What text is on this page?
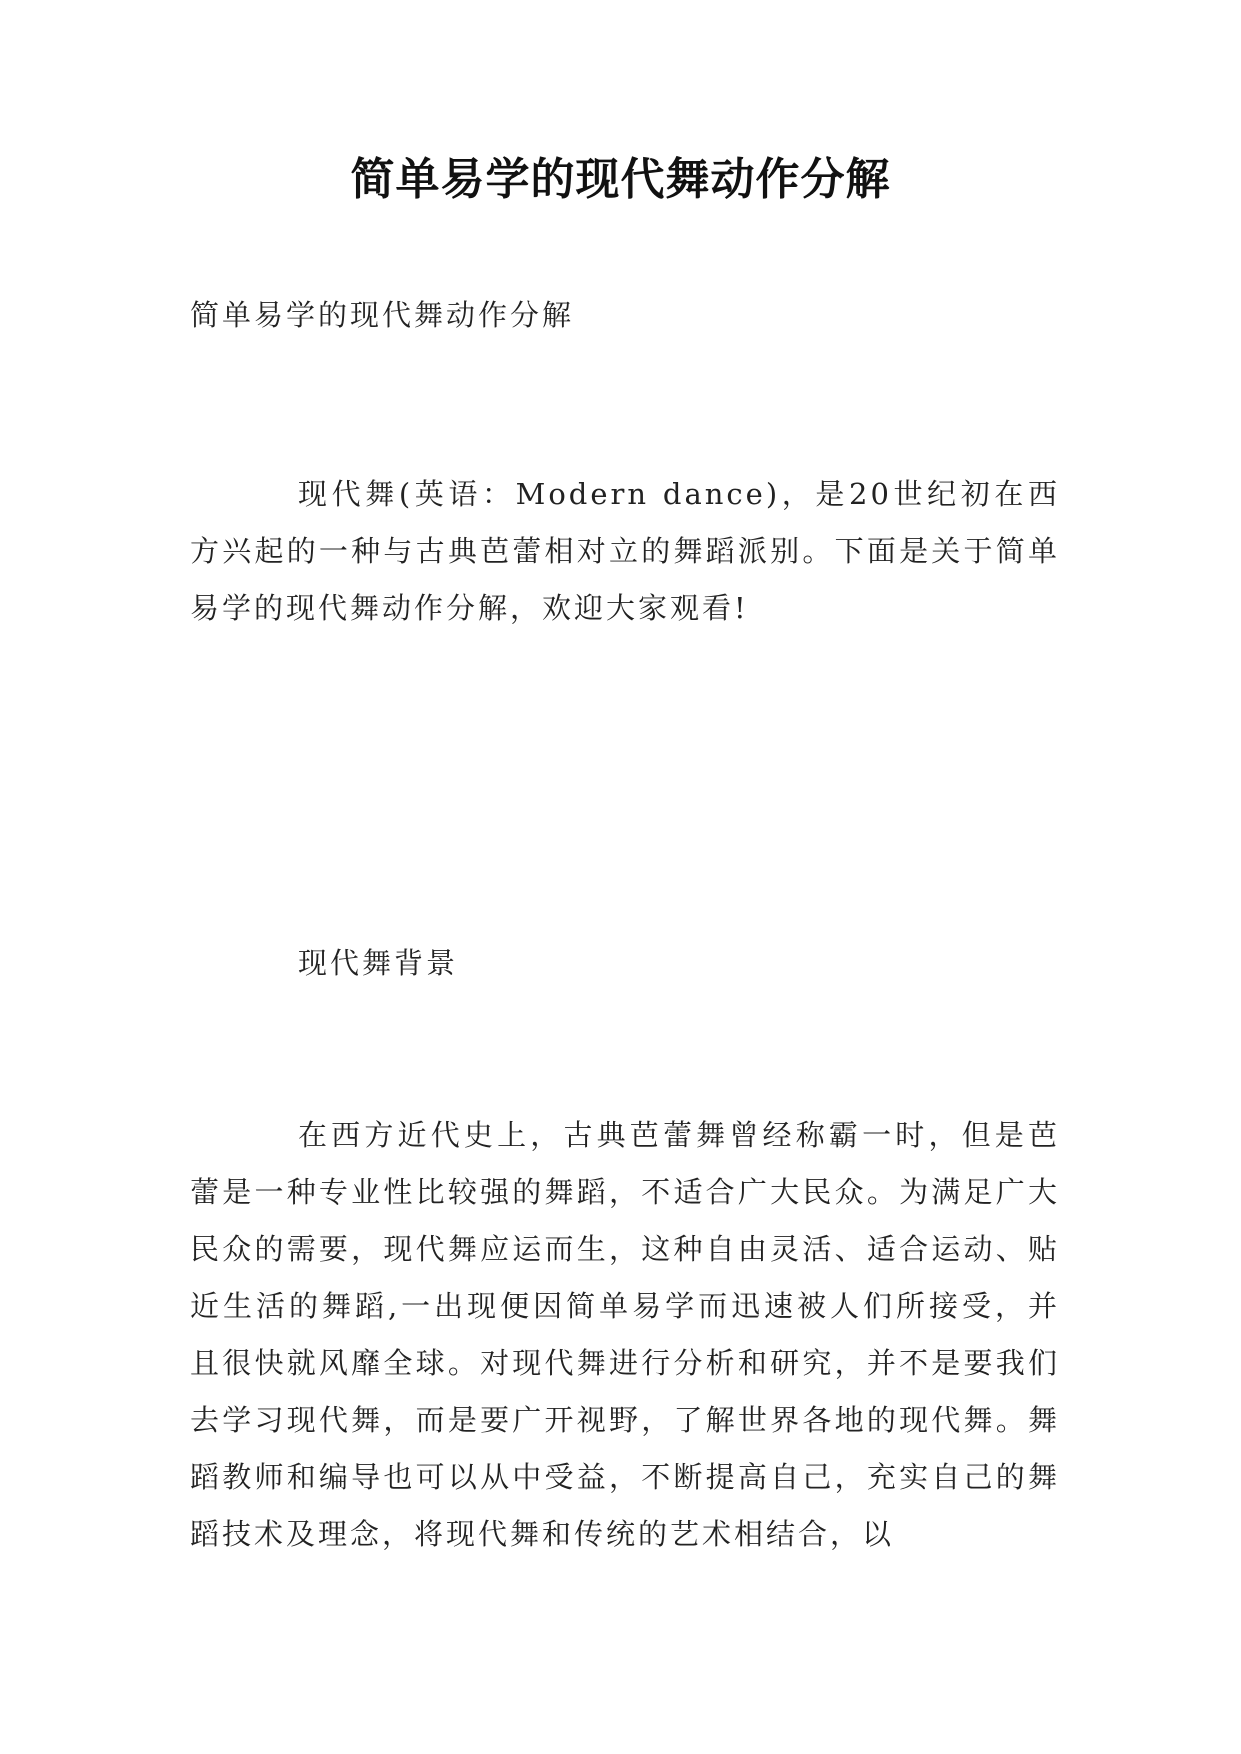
简单易学的现代舞动作分解
简单易学的现代舞动作分解

现代舞(英语：Modern dance)，是20世纪初在西方兴起的一种与古典芭蕾相对立的舞蹈派别。下面是关于简单易学的现代舞动作分解，欢迎大家观看!

现代舞背景

在西方近代史上，古典芭蕾舞曾经称霸一时，但是芭蕾是一种专业性比较强的舞蹈，不适合广大民众。为满足广大民众的需要，现代舞应运而生，这种自由灵活、适合运动、贴近生活的舞蹈,一出现便因简单易学而迅速被人们所接受，并且很快就风靡全球。对现代舞进行分析和研究，并不是要我们去学习现代舞，而是要广开视野，了解世界各地的现代舞。舞蹈教师和编导也可以从中受益，不断提高自己，充实自己的舞蹈技术及理念，将现代舞和传统的艺术相结合，以
